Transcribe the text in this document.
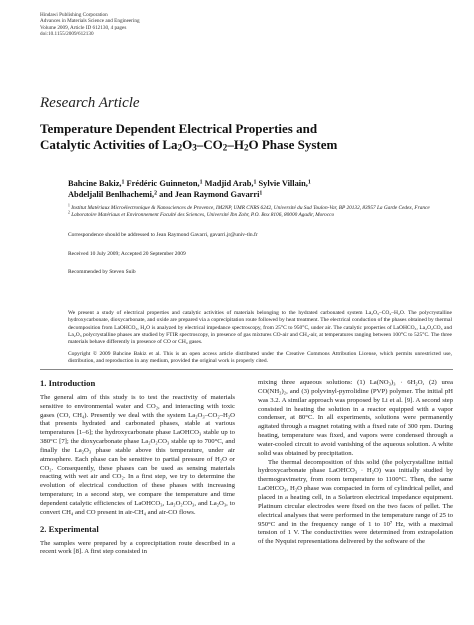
Hindawi Publishing Corporation
Advances in Materials Science and Engineering
Volume 2009, Article ID 612130, 4 pages
doi:10.1155/2009/612130
Research Article
Temperature Dependent Electrical Properties and
Catalytic Activities of $La_2O_3-CO_2-H_2O$ Phase System
Bahcine Bakiz,$^1$ Frédéric Guinneton,$^1$ Madjid Arab,$^1$ Sylvie Villain,$^1$
Abdeljalil Benlhachemi,$^2$ and Jean Raymond Gavarri$^1$

$^1$ Institut Matériaux Microélectronique & Nanosciences de Provence, IM2NP, UMR CNRS 6242, Université du Sud Toulon-Var, BP 20132, 83957 La Garde Cedex, France

$^2$ Laboratoire Matériaux et Environnement Faculté des Sciences, Université Ibn Zohr, P.O. Box 8106, 80000 Agadir, Morocco

Correspondence should be addressed to Jean Raymond Gavarri, gavarri.jr@univ-tln.fr
Received 10 July 2009; Accepted 20 September 2009
Recommended by Steven Suib
We present a study of electrical properties and catalytic activities of materials belonging to the hydrated carbonated system La₂O₃–CO₂–H₂O. The polycrystalline hydroxycarbonate, dioxycarbonate, and oxide are prepared via a coprecipitation route followed by heat treatment. The electrical conduction of the phases obtained by thermal decomposition from LaOHCO₃, H₂O is analyzed by electrical impedance spectroscopy, from 25°C to 950°C, under air. The catalytic properties of LaOHCO₃, La₂O₂CO₃ and La₂O₃ polycrystalline phases are studied by FTIR spectroscopy, in presence of gas mixtures CO-air and CH₄-air, at temperatures ranging between 100°C to 525°C. The three materials behave differently in presence of CO or CH₄ gases.
Copyright © 2009 Bahcine Bakiz et al. This is an open access article distributed under the Creative Commons Attribution License, which permits unrestricted use, distribution, and reproduction in any medium, provided the original work is properly cited.
1. Introduction

The general aim of this study is to test the reactivity of materials sensitive to environmental water and CO₂, and interacting with toxic gases (CO, CH₄). Presently we deal with the system La₂O₃–CO₂–H₂O that presents hydrated and carbonated phases, stable at various temperatures [1–6]; the hydroxycarbonate phase LaOHCO₃ stable up to 380°C [7]; the dioxycarbonate phase La₂O₂CO₃ stable up to 700°C, and finally the La₂O₃ phase stable above this temperature, under air atmosphere. Each phase can be sensitive to partial pressure of H₂O or CO₂. Consequently, these phases can be used as sensing materials reacting with wet air and CO₂. In a first step, we try to determine the evolution of electrical conduction of these phases with increasing temperature; in a second step, we compare the temperature and time dependent catalytic efficiencies of LaOHCO₃, La₂O₂CO₃, and La₂O₃, to convert CH₄ and CO present in air-CH₄ and air-CO flows.

2. Experimental

The samples were prepared by a coprecipitation route described in a recent work [8]. A first step consisted in

mixing three aqueous solutions: (1) La(NO₃)₃ · 6H₂O, (2) urea CO(NH₂)₂, and (3) polyvinyl-pyrrolidine (PVP) polymer. The initial pH was 3.2. A similar approach was proposed by Li et al. [9]. A second step consisted in heating the solution in a reactor equipped with a vapor condenser, at 80°C. In all experiments, solutions were permanently agitated through a magnet rotating with a fixed rate of 300 rpm. During heating, temperature was fixed, and vapors were condensed through a water-cooled circuit to avoid vanishing of the aqueous solution. A white solid was obtained by precipitation.

The thermal decomposition of this solid (the polycrystalline initial hydroxycarbonate phase LaOHCO₃ · H₂O) was initially studied by thermogravimetry, from room temperature to 1100°C. Then, the same LaOHCO₃, H₂O phase was compacted in form of cylindrical pellet, and placed in a heating cell, in a Solartron electrical impedance equipment. Platinum circular electrodes were fixed on the two faces of pellet. The electrical analyses that were performed in the temperature range of 25 to 950°C and in the frequency range of 1 to 10⁷ Hz, with a maximal tension of 1 V. The conductivities were determined from extrapolation of the Nyquist representations delivered by the software of the
